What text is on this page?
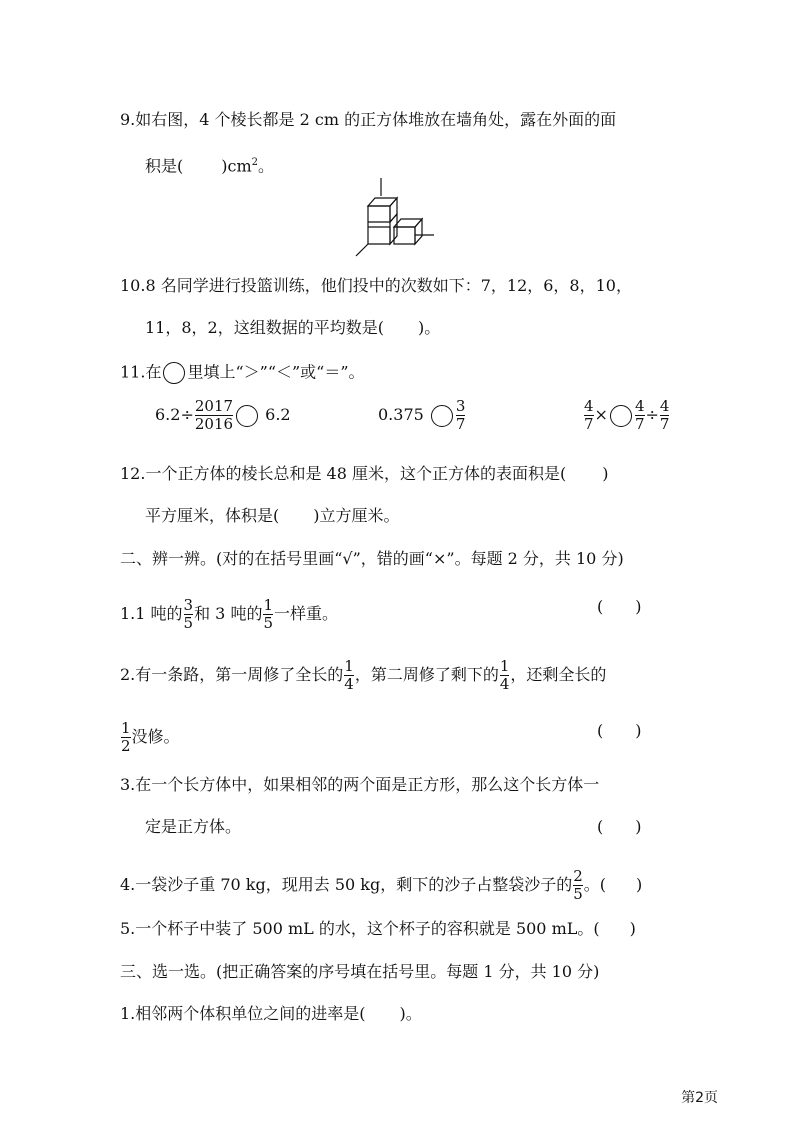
9.如右图，4 个棱长都是 2 cm 的正方体堆放在墙角处，露在外面的面
积是( )$cm^2$。
10.8 名同学进行投篮训练，他们投中的次数如下：7，12，6，8，10，
11，8，2，这组数据的平均数是( )。
11.在 里填上“＞”“＜”或“＝”。
$6.2\div \frac{2017}{2016} 6.2$	$0.375 \frac{3}{7}$	$\frac{4}{7} \times \frac{4}{7} \div \frac{4}{7}$
12.一个正方体的棱长总和是 48 厘米，这个正方体的表面积是( )
平方厘米，体积是( )立方厘米。
二、辨一辨。(对的在括号里画“√”，错的画“×”。每题 2 分，共 10 分)
1.1 吨的 $\frac{3}{5}$ 和 3 吨的 $\frac{1}{5}$ 一样重。	( )
2.有一条路，第一周修了全长的 $\frac{1}{4}$ ，第二周修了剩下的 $\frac{1}{4}$ ，还剩全长的
$\frac{1}{2}$ 没修。	( )
3.在一个长方体中，如果相邻的两个面是正方形，那么这个长方体一
定是正方体。	( )
4.一袋沙子重 70 kg，现用去 50 kg，剩下的沙子占整袋沙子的 $\frac{2}{5}$ 。( )
5.一个杯子中装了 500 mL 的水，这个杯子的容积就是 500 mL。( )
三、选一选。(把正确答案的序号填在括号里。每题 1 分，共 10 分)
1.相邻两个体积单位之间的进率是( )。
第2页
